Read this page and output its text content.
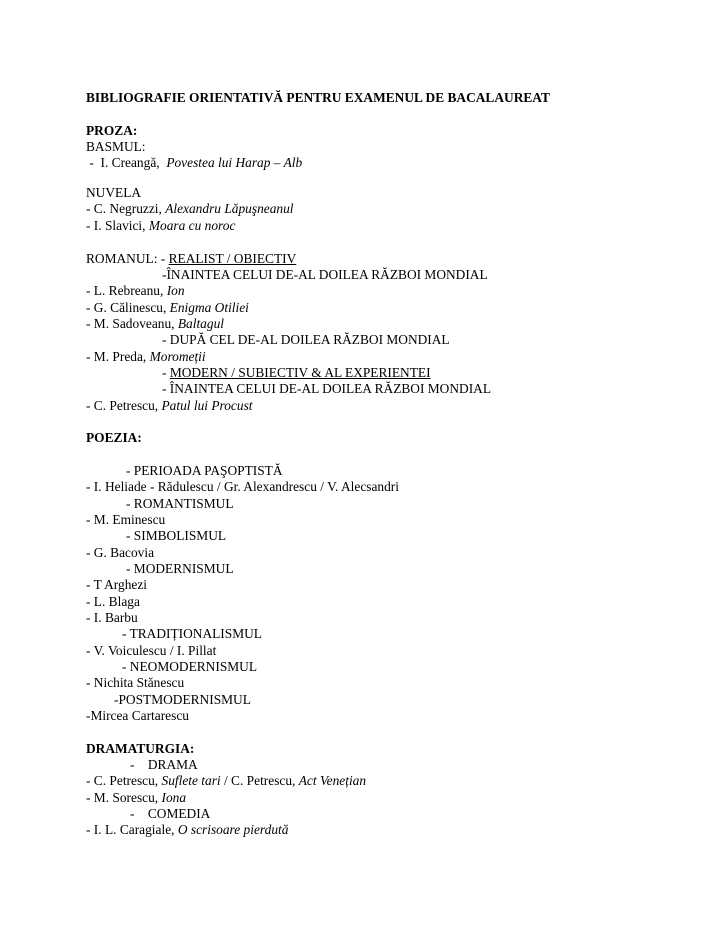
BIBLIOGRAFIE ORIENTATIVĂ PENTRU EXAMENUL DE BACALAUREAT
PROZA:
BASMUL:
-  I. Creangă,  Povestea lui Harap – Alb
NUVELA
- C. Negruzzi, Alexandru Lăpuşneanul
- I. Slavici, Moara cu noroc
ROMANUL: - REALIST / OBIECTIV
-ÎNAINTEA CELUI DE-AL DOILEA RĂZBOI MONDIAL
- L. Rebreanu, Ion
- G. Călinescu, Enigma Otiliei
- M. Sadoveanu, Baltagul
- DUPĂ CEL DE-AL DOILEA RĂZBOI MONDIAL
- M. Preda, Moromeții
- MODERN / SUBIECTIV & AL EXPERIENTEI
- ÎNAINTEA CELUI DE-AL DOILEA RĂZBOI MONDIAL
- C. Petrescu, Patul lui Procust
POEZIA:
- PERIOADA PAŞOPTISTĂ
- I. Heliade - Rădulescu / Gr. Alexandrescu / V. Alecsandri
- ROMANTISMUL
- M. Eminescu
- SIMBOLISMUL
- G. Bacovia
- MODERNISMUL
- T Arghezi
- L. Blaga
- I. Barbu
- TRADIȚIONALISMUL
- V. Voiculescu / I. Pillat
- NEOMODERNISMUL
- Nichita Stănescu
-POSTMODERNISMUL
-Mircea Cartarescu
DRAMATURGIA:
-    DRAMA
- C. Petrescu, Suflete tari / C. Petrescu, Act Venețian
- M. Sorescu, Iona
-    COMEDIA
- I. L. Caragiale, O scrisoare pierdută
